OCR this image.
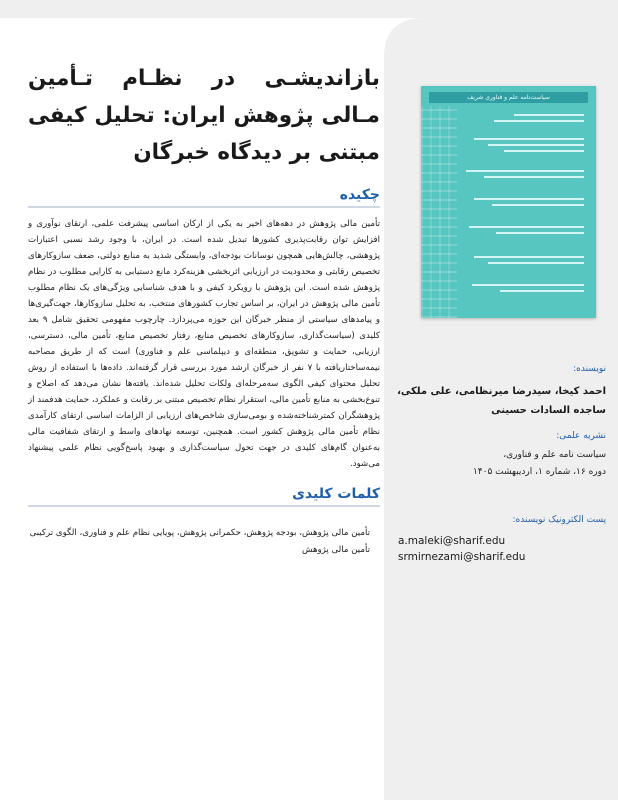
بازاندیشـی در نظـام تـأمین مـالی پژوهش ایران: تحلیل کیفی مبتنی بر دیدگاه خبرگان
چکیده
تأمین مالی پژوهش در دهه‌های اخیر به یکی از ارکان اساسی پیشرفت علمی، ارتقای نوآوری و افزایش توان رقابت‌پذیری کشورها تبدیل شده است. در ایران، با وجود رشد نسبی اعتبارات پژوهشی، چالش‌هایی همچون نوسانات بودجه‌ای، وابستگی شدید به منابع دولتی، ضعف سازوکارهای تخصیص رقابتی و محدودیت در ارزیابی اثربخشی هزینه‌کرد مانع دستیابی به کارایی مطلوب در نظام پژوهش شده است. این پژوهش با رویکرد کیفی و با هدف شناسایی ویژگی‌های یک نظام مطلوب تأمین مالی پژوهش در ایران، بر اساس تجارب کشورهای منتخب، به تحلیل سازوکارها، جهت‌گیری‌ها و پیامدهای سیاستی از منظر خبرگان این حوزه می‌پردازد. چارچوب مفهومی تحقیق شامل ۹ بعد کلیدی (سیاست‌گذاری، سازوکارهای تخصیص منابع، رفتار تخصیص منابع، تأمین مالی، دسترسی، ارزیابی، حمایت و تشویق، منطقه‌ای و دیپلماسی علم و فناوری) است که از طریق مصاحبه نیمه‌ساختاریافته با ۷ نفر از خبرگان ارشد مورد بررسی قرار گرفته‌اند. داده‌ها با استفاده از روش تحلیل محتوای کیفی الگوی سه‌مرحله‌ای ولکات تحلیل شده‌اند. یافته‌ها نشان می‌دهد که اصلاح و تنوع‌بخشی به منابع تأمین مالی، استقرار نظام تخصیص مبتنی بر رقابت و عملکرد، حمایت هدفمند از پژوهشگران کمترشناخته‌شده و بومی‌سازی شاخص‌های ارزیابی از الزامات اساسی ارتقای کارآمدی نظام تأمین مالی پژوهش کشور است. همچنین، توسعه نهادهای واسط و ارتقای شفافیت مالی به‌عنوان گام‌های کلیدی در جهت تحول سیاست‌گذاری و بهبود پاسخ‌گویی نظام علمی پیشنهاد می‌شود.
کلمات کلیدی
تأمین مالی پژوهش، بودجه پژوهش، حکمرانی پژوهش، پویایی نظام علم و فناوری، الگوی ترکیبی تأمین مالی پژوهش
سیاست‌نامه علم و فناوری شریف
نویسنده:
احمد کیخا، سیدرضا میرنظامی، علی ملکی، ساجده السادات حسینی
نشریه علمی:
سیاست نامه علم و فناوری،
دوره ۱۶، شماره ۱، اردیبهشت ۱۴۰۵
پست الکترونیک نویسنده:
a.maleki@sharif.edu
srmirnezami@sharif.edu
